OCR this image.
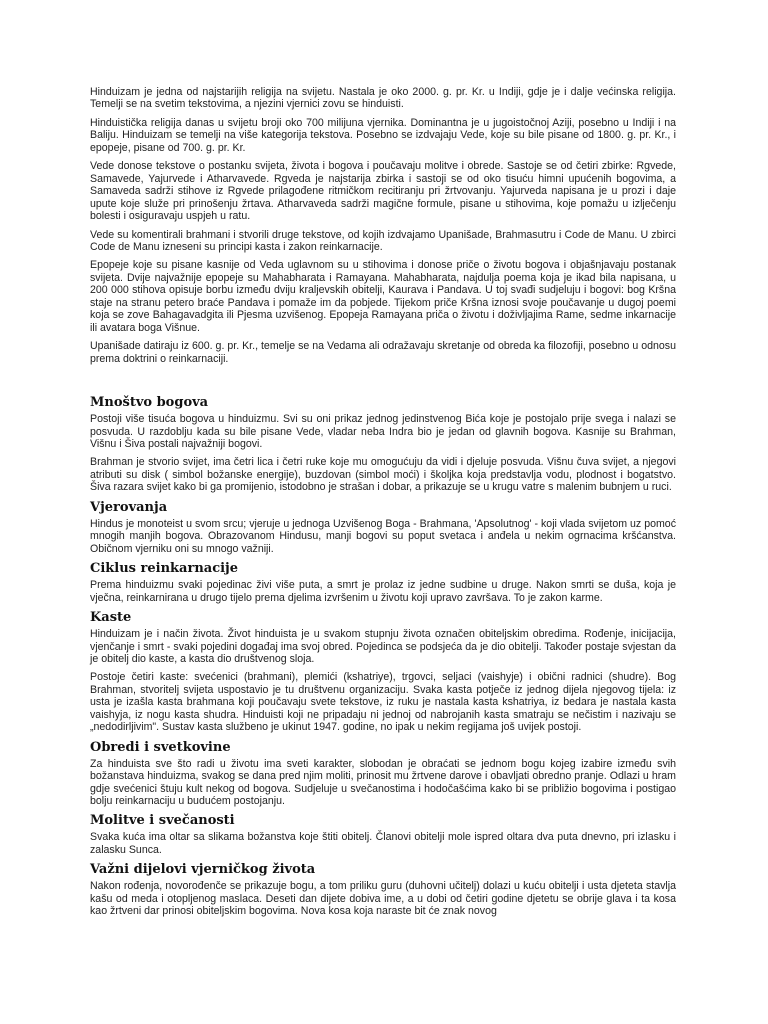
Hinduizam je jedna od najstarijih religija na svijetu. Nastala je oko 2000. g. pr. Kr. u Indiji, gdje je i dalje većinska religija. Temelji se na svetim tekstovima, a njezini vjernici zovu se hinduisti.

Hinduistička religija danas u svijetu broji oko 700 milijuna vjernika. Dominantna je u jugoistočnoj Aziji, posebno u Indiji i na Baliju. Hinduizam se temelji na više kategorija tekstova. Posebno se izdvajaju Vede, koje su bile pisane od 1800. g. pr. Kr., i epopeje, pisane od 700. g. pr. Kr.

Vede donose tekstove o postanku svijeta, života i bogova i poučavaju molitve i obrede. Sastoje se od četiri zbirke: Rgvede, Samavede, Yajurvede i Atharvavede. Rgveda je najstarija zbirka i sastoji se od oko tisuću himni upućenih bogovima, a Samaveda sadrži stihove iz Rgvede prilagođene ritmičkom recitiranju pri žrtvovanju. Yajurveda napisana je u prozi i daje upute koje služe pri prinošenju žrtava. Atharvaveda sadrži magične formule, pisane u stihovima, koje pomažu u izlječenju bolesti i osiguravaju uspjeh u ratu.

Vede su komentirali brahmani i stvorili druge tekstove, od kojih izdvajamo Upanišade, Brahmasutru i Code de Manu. U zbirci Code de Manu izneseni su principi kasta i zakon reinkarnacije.

Epopeje koje su pisane kasnije od Veda uglavnom su u stihovima i donose priče o životu bogova i objašnjavaju postanak svijeta. Dvije najvažnije epopeje su Mahabharata i Ramayana. Mahabharata, najdulja poema koja je ikad bila napisana, u 200 000 stihova opisuje borbu između dviju kraljevskih obitelji, Kaurava i Pandava. U toj svađi sudjeluju i bogovi: bog Kršna staje na stranu petero braće Pandava i pomaže im da pobjede. Tijekom priče Kršna iznosi svoje poučavanje u dugoj poemi koja se zove Bahagavadgita ili Pjesma uzvišenog. Epopeja Ramayana priča o životu i doživljajima Rame, sedme inkarnacije ili avatara boga Višnue.

Upanišade datiraju iz 600. g. pr. Kr., temelje se na Vedama ali odražavaju skretanje od obreda ka filozofiji, posebno u odnosu prema doktrini o reinkarnaciji.

Mnoštvo bogova

Postoji više tisuća bogova u hinduizmu. Svi su oni prikaz jednog jedinstvenog Bića koje je postojalo prije svega i nalazi se posvuda. U razdoblju kada su bile pisane Vede, vladar neba Indra bio je jedan od glavnih bogova. Kasnije su Brahman, Višnu i Šiva postali najvažniji bogovi.

Brahman je stvorio svijet, ima četri lica i četri ruke koje mu omogućuju da vidi i djeluje posvuda. Višnu čuva svijet, a njegovi atributi su disk ( simbol božanske energije), buzdovan (simbol moći) i školjka koja predstavlja vodu, plodnost i bogatstvo. Šiva razara svijet kako bi ga promijenio, istodobno je strašan i dobar, a prikazuje se u krugu vatre s malenim bubnjem u ruci.

Vjerovanja

Hindus je monoteist u svom srcu; vjeruje u jednoga Uzvišenog Boga - Brahmana, 'Apsolutnog' - koji vlada svijetom uz pomoć mnogih manjih bogova. Obrazovanom Hindusu, manji bogovi su poput svetaca i anđela u nekim ogrnacima kršćanstva. Običnom vjerniku oni su mnogo važniji.

Ciklus reinkarnacije

Prema hinduizmu svaki pojedinac živi više puta, a smrt je prolaz iz jedne sudbine u druge. Nakon smrti se duša, koja je vječna, reinkarnirana u drugo tijelo prema djelima izvršenim u životu koji upravo završava. To je zakon karme.

Kaste

Hinduizam je i način života. Život hinduista je u svakom stupnju života označen obiteljskim obredima. Rođenje, inicijacija, vjenčanje i smrt - svaki pojedini događaj ima svoj obred. Pojedinca se podsjeća da je dio obitelji. Također postaje svjestan da je obitelj dio kaste, a kasta dio društvenog sloja.

Postoje četiri kaste: svećenici (brahmani), plemići (kshatriye), trgovci, seljaci (vaishyje) i obični radnici (shudre). Bog Brahman, stvoritelj svijeta uspostavio je tu društvenu organizaciju. Svaka kasta potječe iz jednog dijela njegovog tijela: iz usta je izašla kasta brahmana koji poučavaju svete tekstove, iz ruku je nastala kasta kshatriya, iz bedara je nastala kasta vaishyja, iz nogu kasta shudra. Hinduisti koji ne pripadaju ni jednoj od nabrojanih kasta smatraju se nečistim i nazivaju se „nedodirljivim". Sustav kasta službeno je ukinut 1947. godine, no ipak u nekim regijama još uvijek postoji.

Obredi i svetkovine

Za hinduista sve što radi u životu ima sveti karakter, slobodan je obraćati se jednom bogu kojeg izabire između svih božanstava hinduizma, svakog se dana pred njim moliti, prinosit mu žrtvene darove i obavljati obredno pranje. Odlazi u hram gdje svećenici štuju kult nekog od bogova. Sudjeluje u svečanostima i hodočašćima kako bi se približio bogovima i postigao bolju reinkarnaciju u budućem postojanju.

Molitve i svečanosti

Svaka kuća ima oltar sa slikama božanstva koje štiti obitelj. Članovi obitelji mole ispred oltara dva puta dnevno, pri izlasku i zalasku Sunca.

Važni dijelovi vjerničkog života

Nakon rođenja, novorođenče se prikazuje bogu, a tom priliku guru (duhovni učitelj) dolazi u kuću obitelji i usta djeteta stavlja kašu od meda i otopljenog maslaca. Deseti dan dijete dobiva ime, a u dobi od četiri godine djetetu se obrije glava i ta kosa kao žrtveni dar prinosi obiteljskim bogovima. Nova kosa koja naraste bit će znak novog
